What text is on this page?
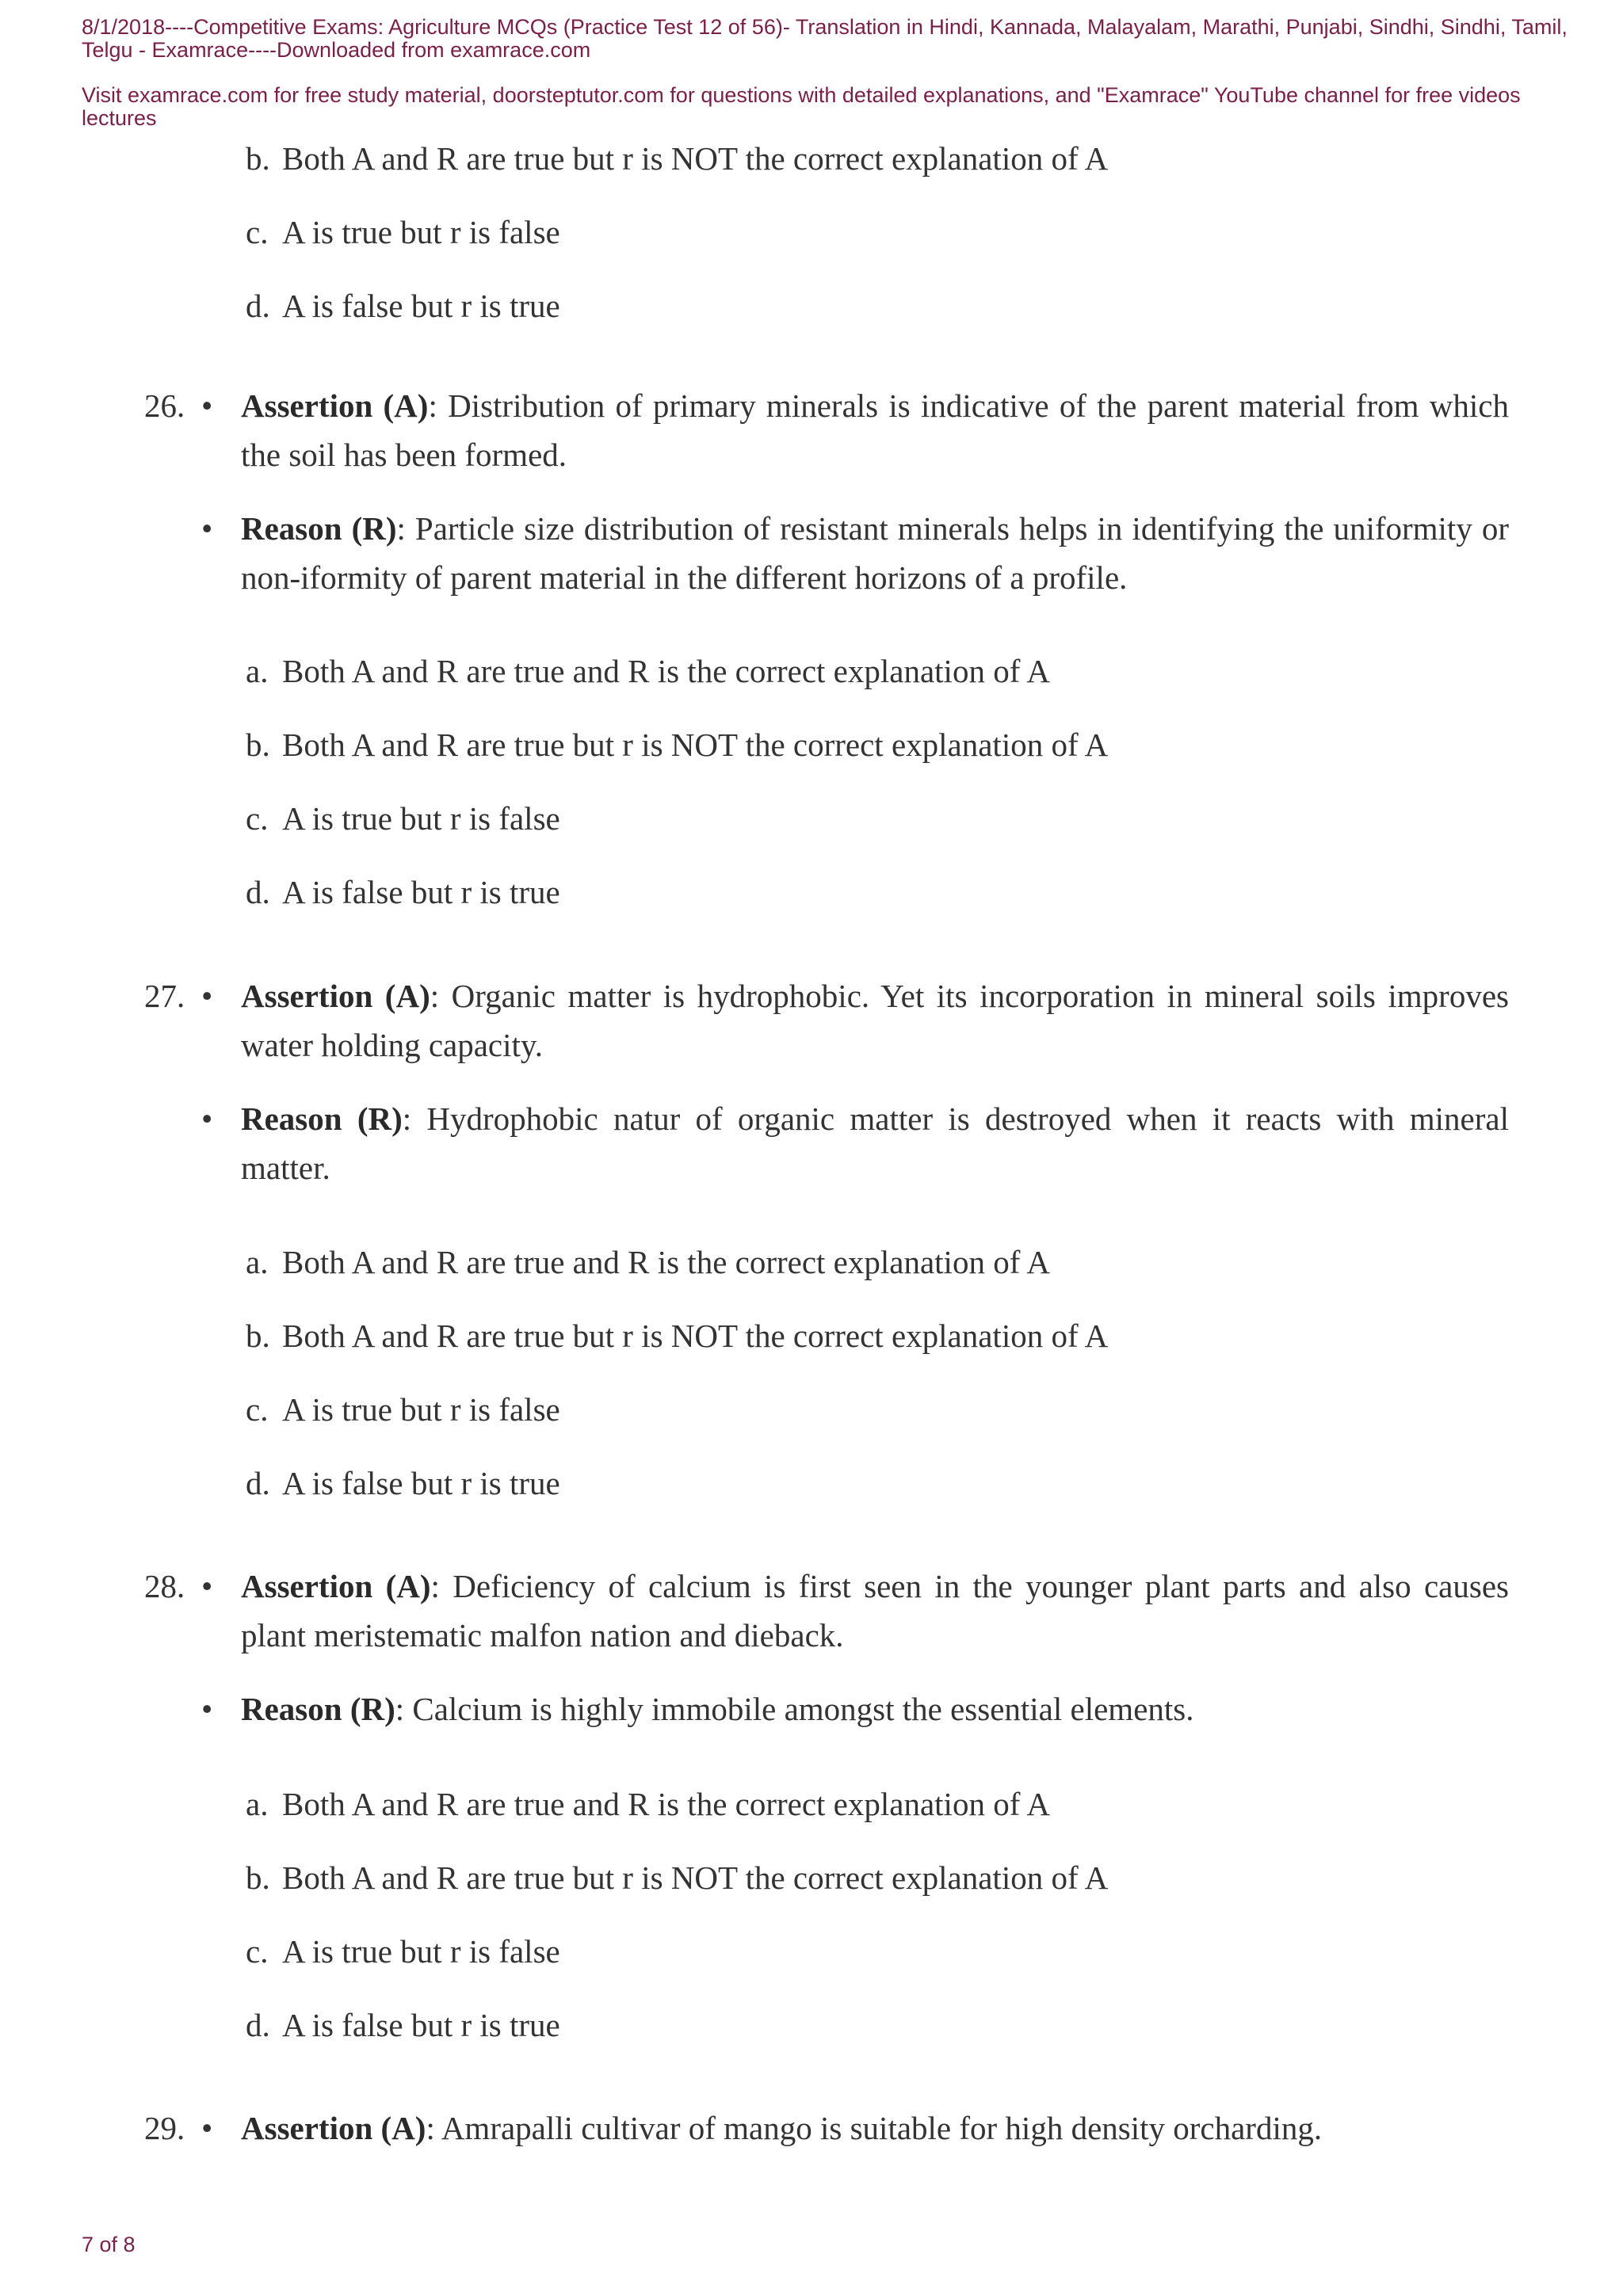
8/1/2018----Competitive Exams: Agriculture MCQs (Practice Test 12 of 56)- Translation in Hindi, Kannada, Malayalam, Marathi, Punjabi, Sindhi, Sindhi, Tamil, Telgu - Examrace----Downloaded from examrace.com
Visit examrace.com for free study material, doorsteptutor.com for questions with detailed explanations, and "Examrace" YouTube channel for free videos lectures
b. Both A and R are true but r is NOT the correct explanation of A
c. A is true but r is false
d. A is false but r is true
26. • Assertion (A): Distribution of primary minerals is indicative of the parent material from which the soil has been formed.
• Reason (R): Particle size distribution of resistant minerals helps in identifying the uniformity or non-iformity of parent material in the different horizons of a profile.
a. Both A and R are true and R is the correct explanation of A
b. Both A and R are true but r is NOT the correct explanation of A
c. A is true but r is false
d. A is false but r is true
27. • Assertion (A): Organic matter is hydrophobic. Yet its incorporation in mineral soils improves water holding capacity.
• Reason (R): Hydrophobic natur of organic matter is destroyed when it reacts with mineral matter.
a. Both A and R are true and R is the correct explanation of A
b. Both A and R are true but r is NOT the correct explanation of A
c. A is true but r is false
d. A is false but r is true
28. • Assertion (A): Deficiency of calcium is first seen in the younger plant parts and also causes plant meristematic malfon nation and dieback.
• Reason (R): Calcium is highly immobile amongst the essential elements.
a. Both A and R are true and R is the correct explanation of A
b. Both A and R are true but r is NOT the correct explanation of A
c. A is true but r is false
d. A is false but r is true
29. • Assertion (A): Amrapalli cultivar of mango is suitable for high density orcharding.
7 of 8
